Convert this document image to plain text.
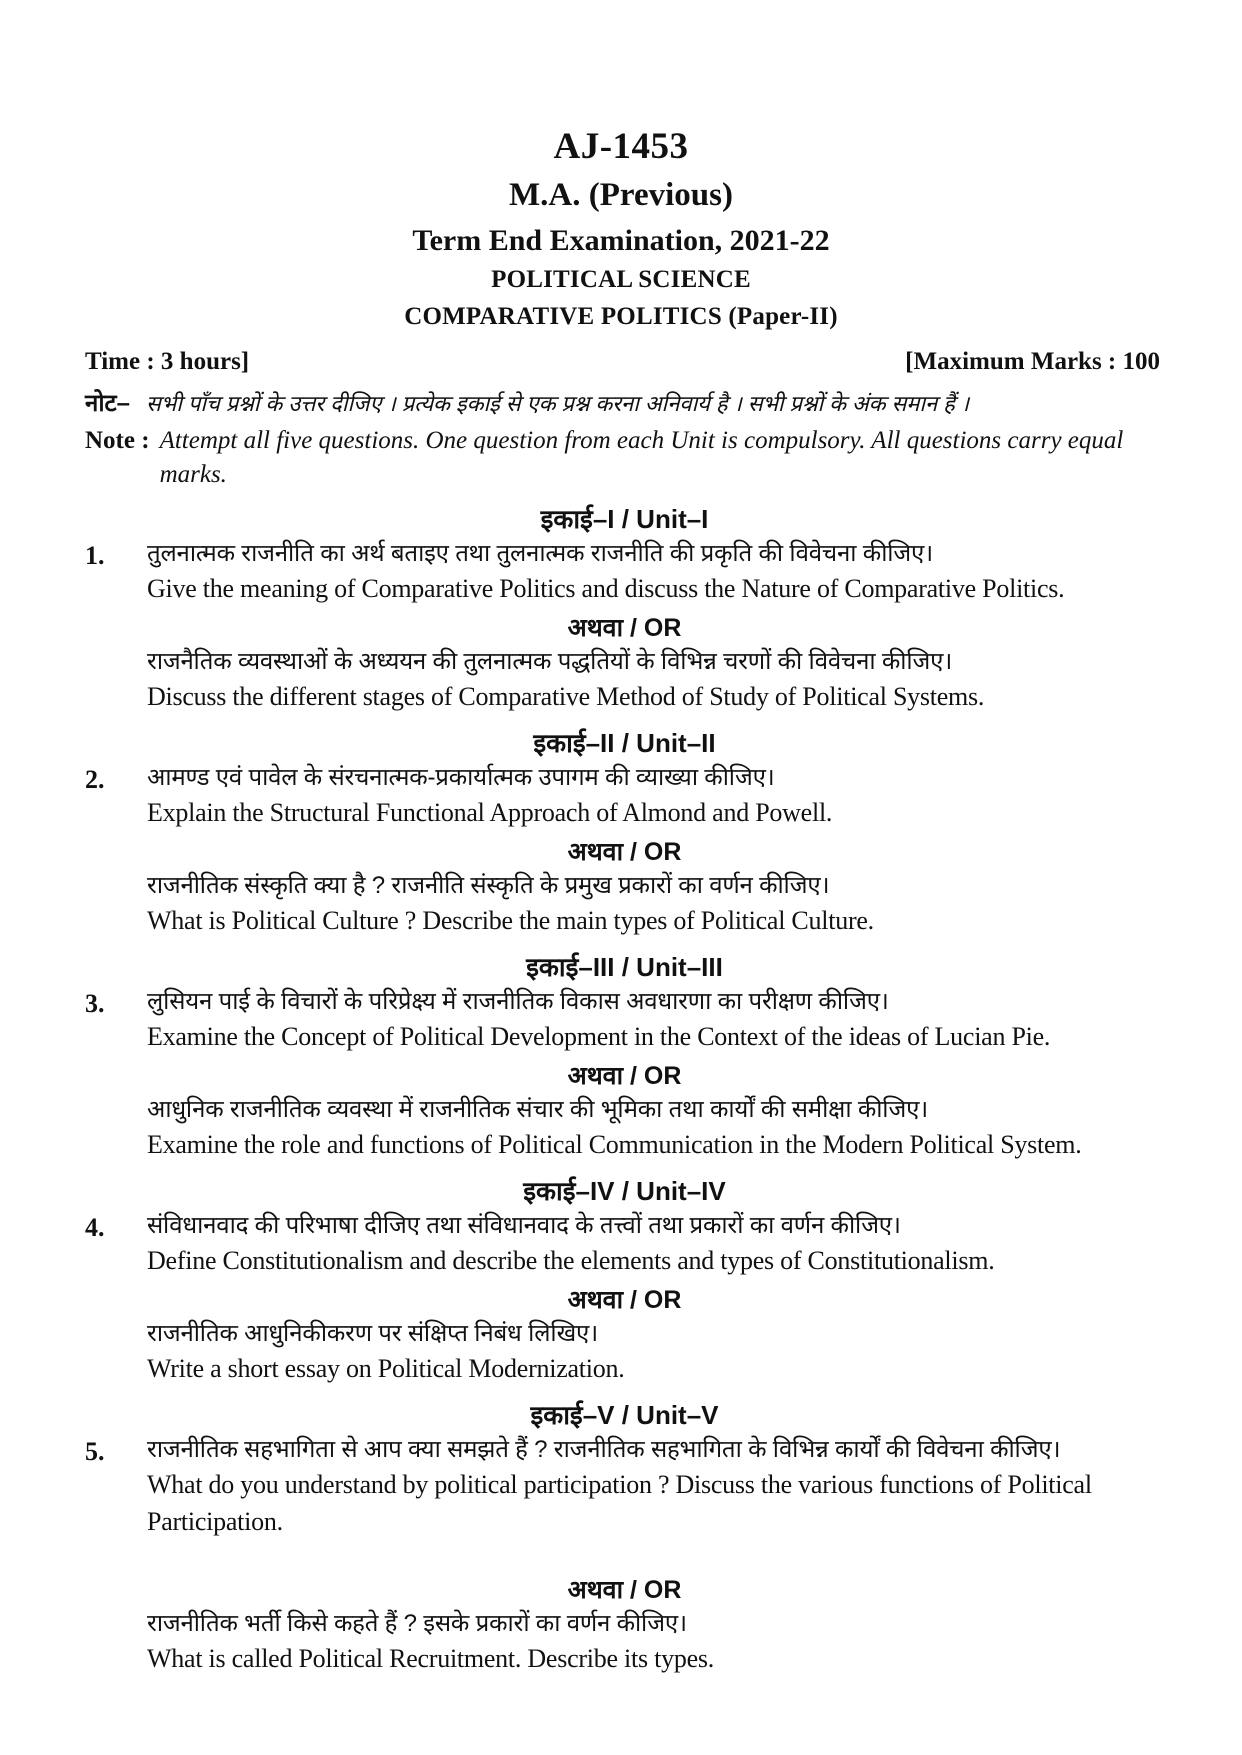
AJ-1453
M.A. (Previous)
Term End Examination, 2021-22
POLITICAL SCIENCE
COMPARATIVE POLITICS (Paper-II)
Time : 3 hours]	[Maximum Marks : 100
नोट– सभी पाँच प्रश्नों के उत्तर दीजिए । प्रत्येक इकाई से एक प्रश्न करना अनिवार्य है । सभी प्रश्नों के अंक समान हैं ।
Note : Attempt all five questions. One question from each Unit is compulsory. All questions carry equal marks.
इकाई–I / Unit–I
1.	तुलनात्मक राजनीति का अर्थ बताइए तथा तुलनात्मक राजनीति की प्रकृति की विवेचना कीजिए।
Give the meaning of Comparative Politics and discuss the Nature of Comparative Politics.
अथवा / OR
राजनैतिक व्यवस्थाओं के अध्ययन की तुलनात्मक पद्धतियों के विभिन्न चरणों की विवेचना कीजिए।
Discuss the different stages of Comparative Method of Study of Political Systems.
इकाई–II / Unit–II
2.	आमण्ड एवं पावेल के संरचनात्मक-प्रकार्यात्मक उपागम की व्याख्या कीजिए।
Explain the Structural Functional Approach of Almond and Powell.
अथवा / OR
राजनीतिक संस्कृति क्या है ? राजनीति संस्कृति के प्रमुख प्रकारों का वर्णन कीजिए।
What is Political Culture ? Describe the main types of Political Culture.
इकाई–III / Unit–III
3.	लुसियन पाई के विचारों के परिप्रेक्ष्य में राजनीतिक विकास अवधारणा का परीक्षण कीजिए।
Examine the Concept of Political Development in the Context of the ideas of Lucian Pie.
अथवा / OR
आधुनिक राजनीतिक व्यवस्था में राजनीतिक संचार की भूमिका तथा कार्यों की समीक्षा कीजिए।
Examine the role and functions of Political Communication in the Modern Political System.
इकाई–IV / Unit–IV
4.	संविधानवाद की परिभाषा दीजिए तथा संविधानवाद के तत्त्वों तथा प्रकारों का वर्णन कीजिए।
Define Constitutionalism and describe the elements and types of Constitutionalism.
अथवा / OR
राजनीतिक आधुनिकीकरण पर संक्षिप्त निबंध लिखिए।
Write a short essay on Political Modernization.
इकाई–V / Unit–V
5.	राजनीतिक सहभागिता से आप क्या समझते हैं ? राजनीतिक सहभागिता के विभिन्न कार्यों की विवेचना कीजिए।
What do you understand by political participation ? Discuss the various functions of Political Participation.
अथवा / OR
राजनीतिक भर्ती किसे कहते हैं ? इसके प्रकारों का वर्णन कीजिए।
What is called Political Recruitment. Describe its types.
